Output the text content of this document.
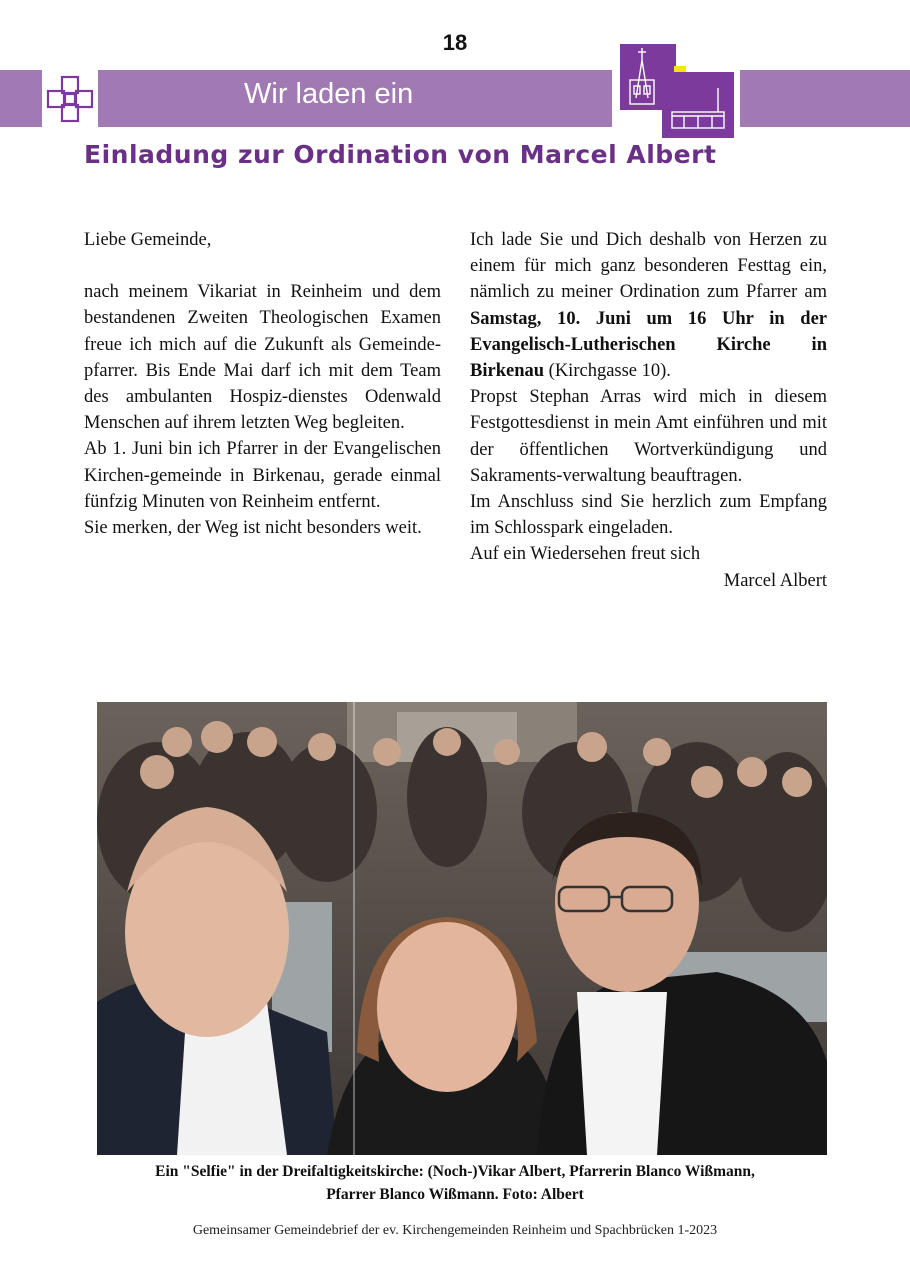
18
Wir laden ein
Einladung zur Ordination von Marcel Albert

Liebe Gemeinde,

nach meinem Vikariat in Reinheim und dem bestandenen Zweiten Theologischen Examen freue ich mich auf die Zukunft als Gemeinde-pfarrer. Bis Ende Mai darf ich mit dem Team des ambulanten Hospiz-dienstes Odenwald Menschen auf ihrem letzten Weg begleiten.

Ab 1. Juni bin ich Pfarrer in der Evangelischen Kirchen-gemeinde in Birkenau, gerade einmal fünfzig Minuten von Reinheim entfernt.

Sie merken, der Weg ist nicht besonders weit.

Ich lade Sie und Dich deshalb von Herzen zu einem für mich ganz besonderen Festtag ein, nämlich zu meiner Ordination zum Pfarrer am Samstag, 10. Juni um 16 Uhr in der Evangelisch-Lutherischen Kirche in Birkenau (Kirchgasse 10).

Propst Stephan Arras wird mich in diesem Festgottesdienst in mein Amt einführen und mit der öffentlichen Wortverkündigung und Sakraments-verwaltung beauftragen.

Im Anschluss sind Sie herzlich zum Empfang im Schlosspark eingeladen.

Auf ein Wiedersehen freut sich

Marcel Albert

Ein "Selfie" in der Dreifaltigkeitskirche: (Noch-)Vikar Albert, Pfarrerin Blanco Wißmann,
Pfarrer Blanco Wißmann. Foto: Albert
Gemeinsamer Gemeindebrief der ev. Kirchengemeinden Reinheim und Spachbrücken 1-2023
